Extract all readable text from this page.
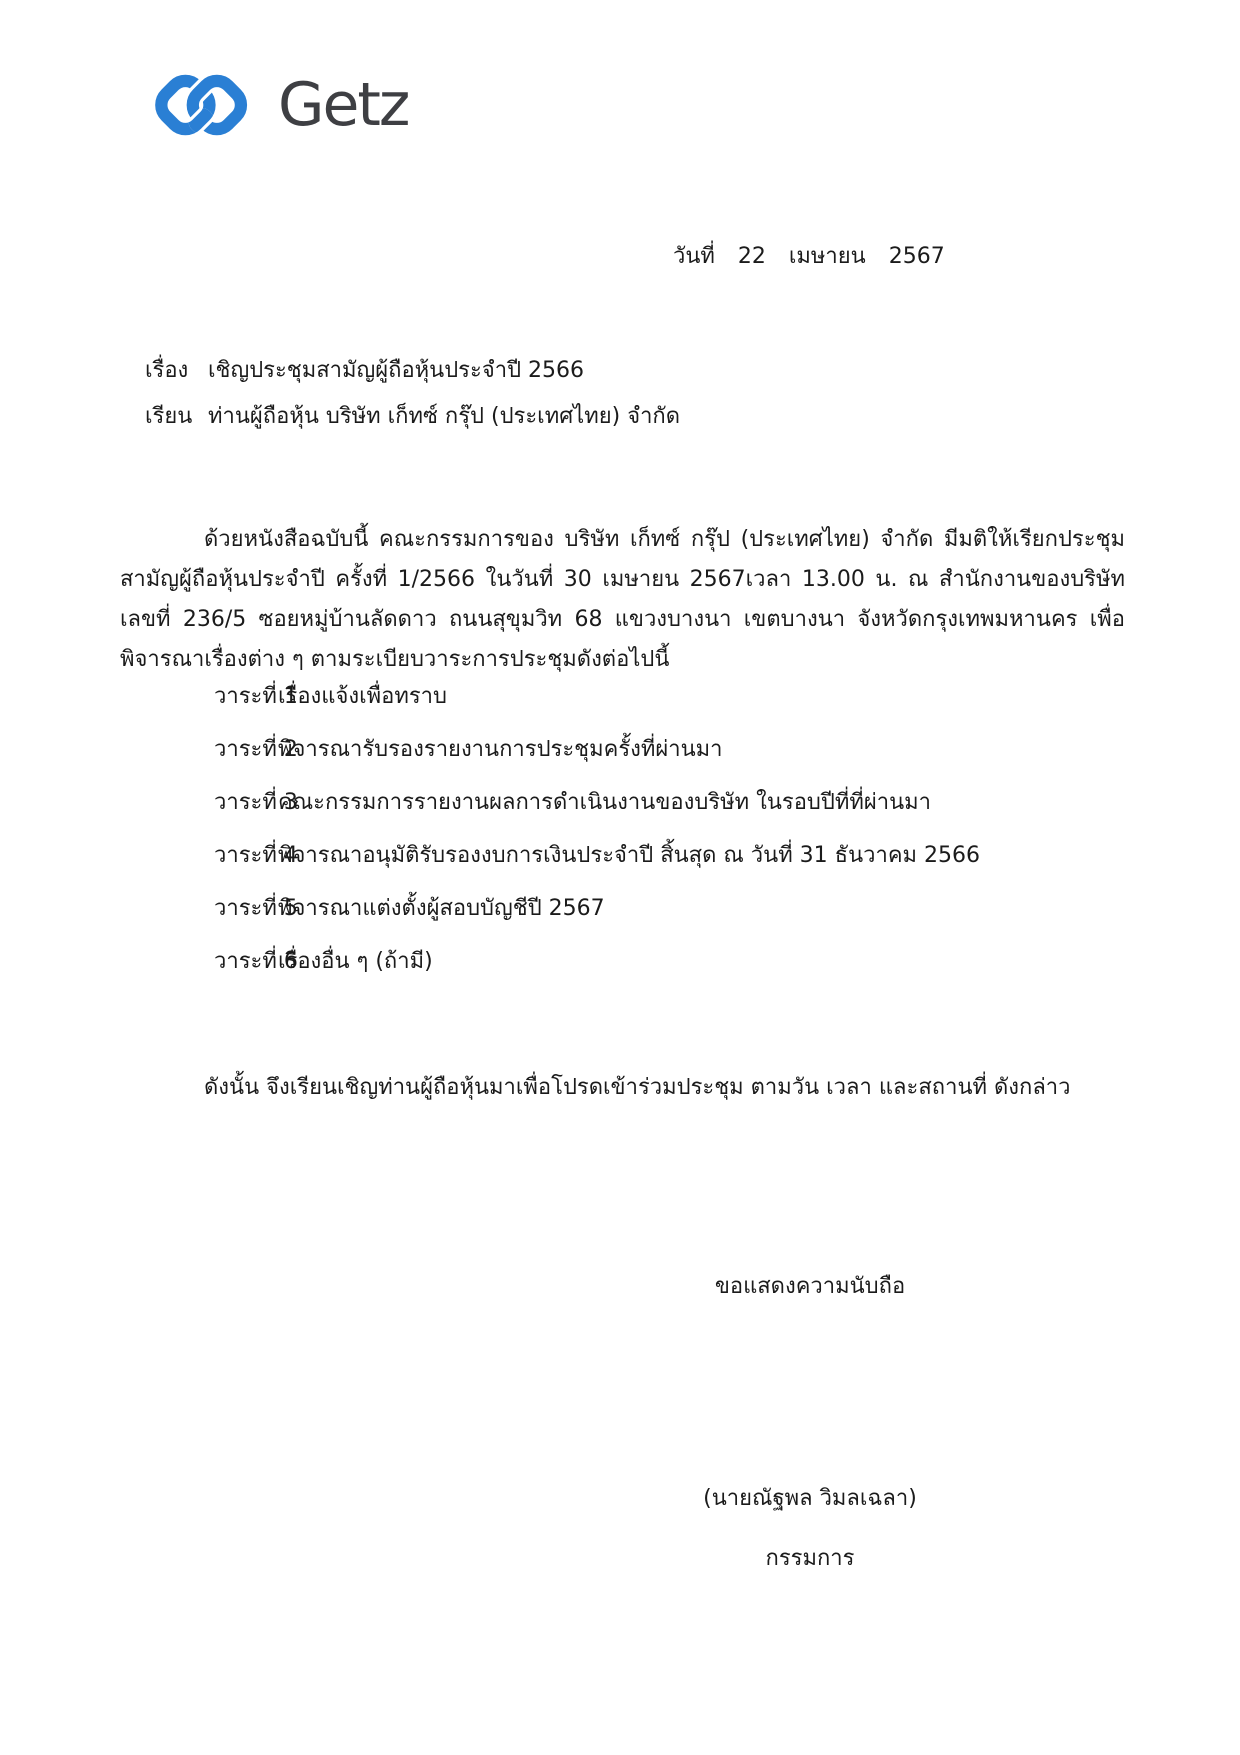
Getz
วันที่ 22 เมษายน 2567
เรื่อง เชิญประชุมสามัญผู้ถือหุ้นประจำปี 2566
เรียน ท่านผู้ถือหุ้น บริษัท เก็ทซ์ กรุ๊ป (ประเทศไทย) จำกัด

ด้วยหนังสือฉบับนี้ คณะกรรมการของ บริษัท เก็ทซ์ กรุ๊ป (ประเทศไทย) จำกัด มีมติให้เรียกประชุมสามัญผู้ถือหุ้นประจำปี ครั้งที่ 1/2566 ในวันที่ 30 เมษายน 2567เวลา 13.00 น. ณ สำนักงานของบริษัท เลขที่ 236/5 ซอยหมู่บ้านลัดดาว ถนนสุขุมวิท 68 แขวงบางนา เขตบางนา จังหวัดกรุงเทพมหานคร เพื่อพิจารณาเรื่องต่าง ๆ ตามระเบียบวาระการประชุมดังต่อไปนี้

วาระที่ 1
เรื่องแจ้งเพื่อทราบ
วาระที่ 2
พิจารณารับรองรายงานการประชุมครั้งที่ผ่านมา
วาระที่ 3
คณะกรรมการรายงานผลการดำเนินงานของบริษัท ในรอบปีที่ที่ผ่านมา
วาระที่ 4
พิจารณาอนุมัติรับรองงบการเงินประจำปี สิ้นสุด ณ วันที่ 31 ธันวาคม 2566
วาระที่ 5
พิจารณาแต่งตั้งผู้สอบบัญชีปี 2567
วาระที่ 6
เรื่องอื่น ๆ (ถ้ามี)

ดังนั้น จึงเรียนเชิญท่านผู้ถือหุ้นมาเพื่อโปรดเข้าร่วมประชุม ตามวัน เวลา และสถานที่ ดังกล่าว

ขอแสดงความนับถือ
(นายณัฐพล วิมลเฉลา)
กรรมการ
